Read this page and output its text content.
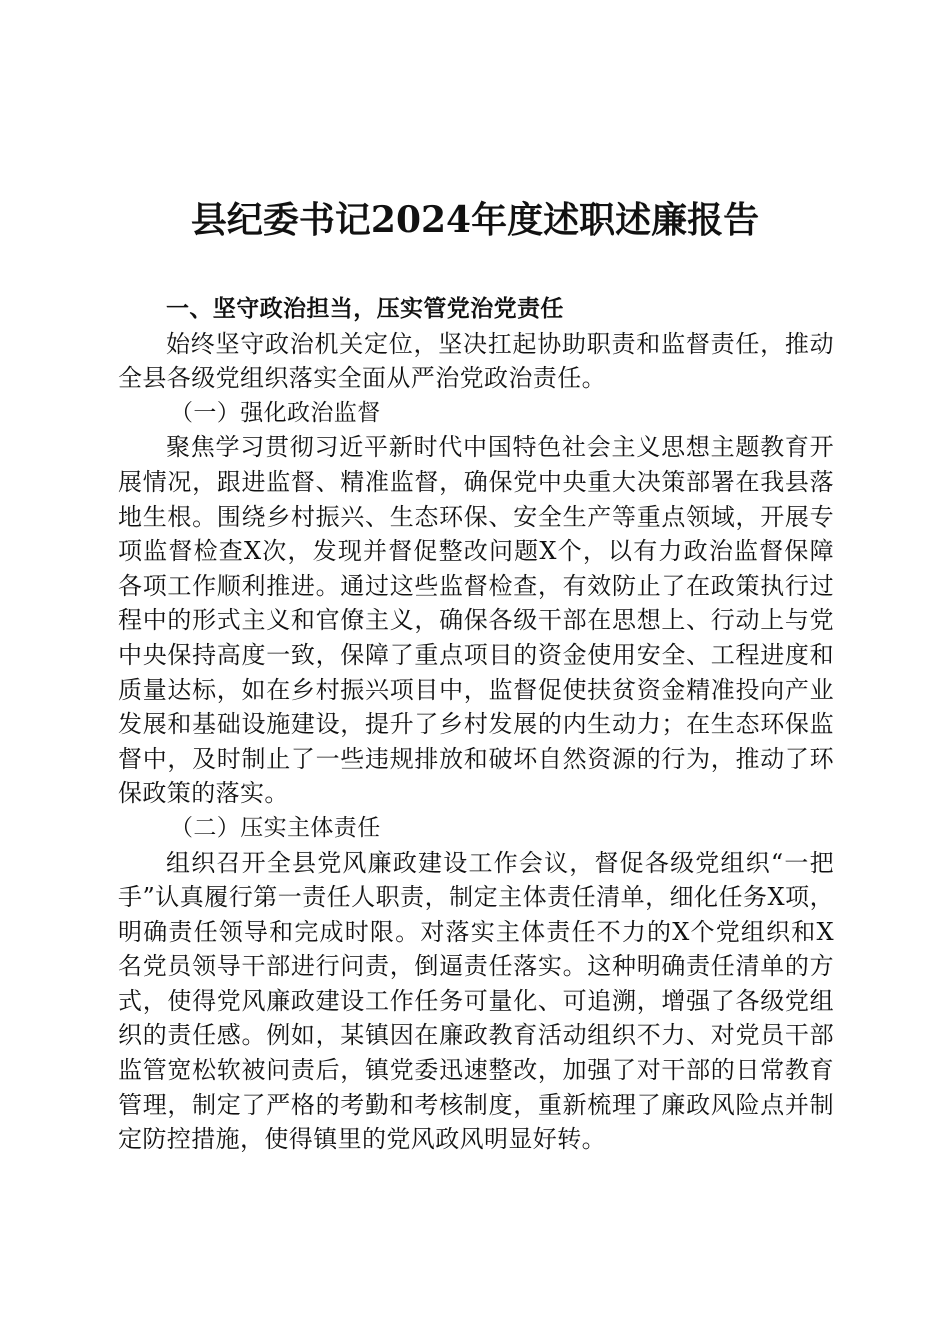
县纪委书记2024年度述职述廉报告
一、坚守政治担当，压实管党治党责任

始终坚守政治机关定位，坚决扛起协助职责和监督责任，推动全县各级党组织落实全面从严治党政治责任。

（一）强化政治监督

聚焦学习贯彻习近平新时代中国特色社会主义思想主题教育开展情况，跟进监督、精准监督，确保党中央重大决策部署在我县落地生根。围绕乡村振兴、生态环保、安全生产等重点领域，开展专项监督检查X次，发现并督促整改问题X个，以有力政治监督保障各项工作顺利推进。通过这些监督检查，有效防止了在政策执行过程中的形式主义和官僚主义，确保各级干部在思想上、行动上与党中央保持高度一致，保障了重点项目的资金使用安全、工程进度和质量达标，如在乡村振兴项目中，监督促使扶贫资金精准投向产业发展和基础设施建设，提升了乡村发展的内生动力；在生态环保监督中，及时制止了一些违规排放和破坏自然资源的行为，推动了环保政策的落实。

（二）压实主体责任

组织召开全县党风廉政建设工作会议，督促各级党组织“一把手”认真履行第一责任人职责，制定主体责任清单，细化任务X项，明确责任领导和完成时限。对落实主体责任不力的X个党组织和X名党员领导干部进行问责，倒逼责任落实。这种明确责任清单的方式，使得党风廉政建设工作任务可量化、可追溯，增强了各级党组织的责任感。例如，某镇因在廉政教育活动组织不力、对党员干部监管宽松软被问责后，镇党委迅速整改，加强了对干部的日常教育管理，制定了严格的考勤和考核制度，重新梳理了廉政风险点并制定防控措施，使得镇里的党风政风明显好转。
